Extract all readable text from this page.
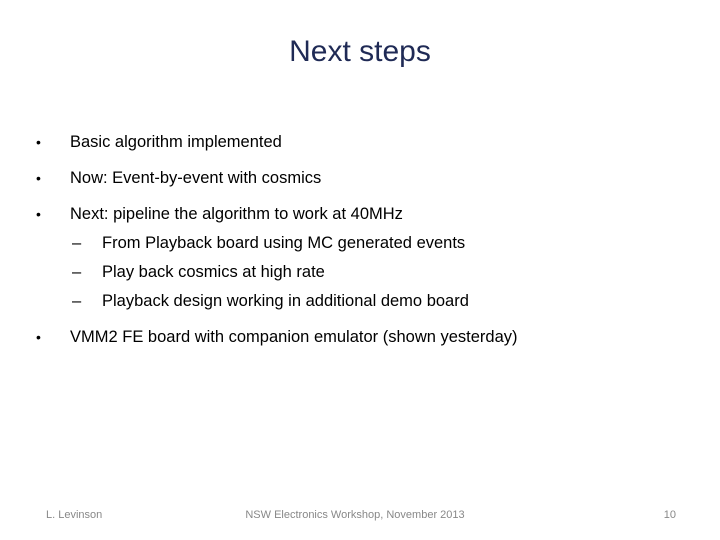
Next steps
• Basic algorithm implemented
• Now: Event-by-event with cosmics
• Next: pipeline the algorithm to work at 40MHz
– From Playback board using MC generated events
– Play back cosmics at high rate
– Playback design working in additional demo board
• VMM2 FE board with companion emulator (shown yesterday)
L. Levinson	NSW Electronics Workshop, November 2013	10
